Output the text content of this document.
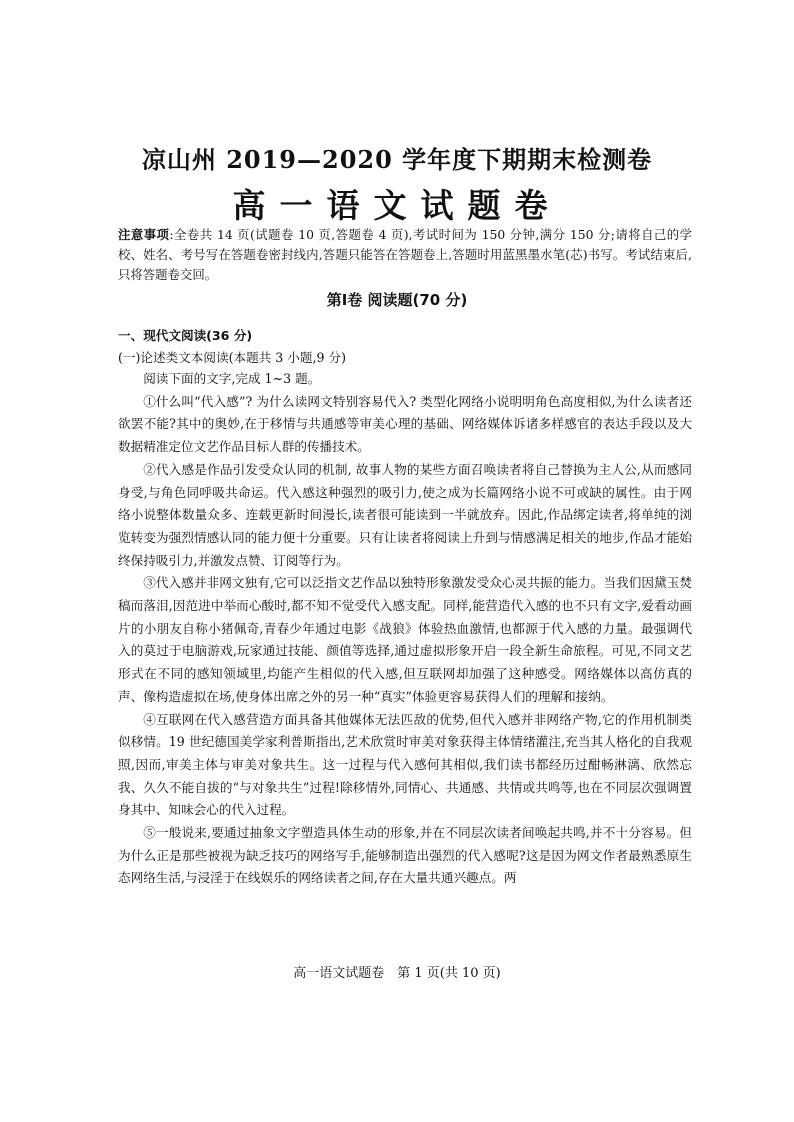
凉山州 2019—2020 学年度下期期末检测卷
高一语文试题卷
注意事项:全卷共 14 页(试题卷 10 页,答题卷 4 页),考试时间为 150 分钟,满分 150 分;请将自己的学校、姓名、考号写在答题卷密封线内,答题只能答在答题卷上,答题时用蓝黑墨水笔(芯)书写。考试结束后,只将答题卷交回。
第Ⅰ卷 阅读题(70 分)
一、现代文阅读(36 分)
(一)论述类文本阅读(本题共 3 小题,9 分)

阅读下面的文字,完成 1~3 题。

①什么叫“代入感”? 为什么读网文特别容易代入? 类型化网络小说明明角色高度相似,为什么读者还欲罢不能?其中的奥妙,在于移情与共通感等审美心理的基础、网络媒体诉诸多样感官的表达手段以及大数据精准定位文艺作品目标人群的传播技术。

②代入感是作品引发受众认同的机制, 故事人物的某些方面召唤读者将自己替换为主人公,从而感同身受,与角色同呼吸共命运。代入感这种强烈的吸引力,使之成为长篇网络小说不可或缺的属性。由于网络小说整体数量众多、连载更新时间漫长,读者很可能读到一半就放弃。因此,作品绑定读者,将单纯的浏览转变为强烈情感认同的能力便十分重要。只有让读者将阅读上升到与情感满足相关的地步,作品才能始终保持吸引力,并激发点赞、订阅等行为。

③代入感并非网文独有,它可以泛指文艺作品以独特形象激发受众心灵共振的能力。当我们因黛玉焚稿而落泪,因范进中举而心酸时,都不知不觉受代入感支配。同样,能营造代入感的也不只有文字,爱看动画片的小朋友自称小猪佩奇,青春少年通过电影《战狼》体验热血激情,也都源于代入感的力量。最强调代入的莫过于电脑游戏,玩家通过技能、颜值等选择,通过虚拟形象开启一段全新生命旅程。可见,不同文艺形式在不同的感知领域里,均能产生相似的代入感,但互联网却加强了这种感受。网络媒体以高仿真的声、像构造虚拟在场,使身体出席之外的另一种“真实”体验更容易获得人们的理解和接纳。

④互联网在代入感营造方面具备其他媒体无法匹敌的优势,但代入感并非网络产物,它的作用机制类似移情。19 世纪德国美学家利普斯指出,艺术欣赏时审美对象获得主体情绪灌注,充当其人格化的自我观照,因而,审美主体与审美对象共生。这一过程与代入感何其相似,我们读书都经历过酣畅淋漓、欣然忘我、久久不能自拔的“与对象共生”过程!除移情外,同情心、共通感、共情或共鸣等,也在不同层次强调置身其中、知味会心的代入过程。

⑤一般说来,要通过抽象文字塑造具体生动的形象,并在不同层次读者间唤起共鸣,并不十分容易。但为什么正是那些被视为缺乏技巧的网络写手,能够制造出强烈的代入感呢?这是因为网文作者最熟悉原生态网络生活,与浸淫于在线娱乐的网络读者之间,存在大量共通兴趣点。两

高一语文试题卷　第 1 页(共 10 页)
